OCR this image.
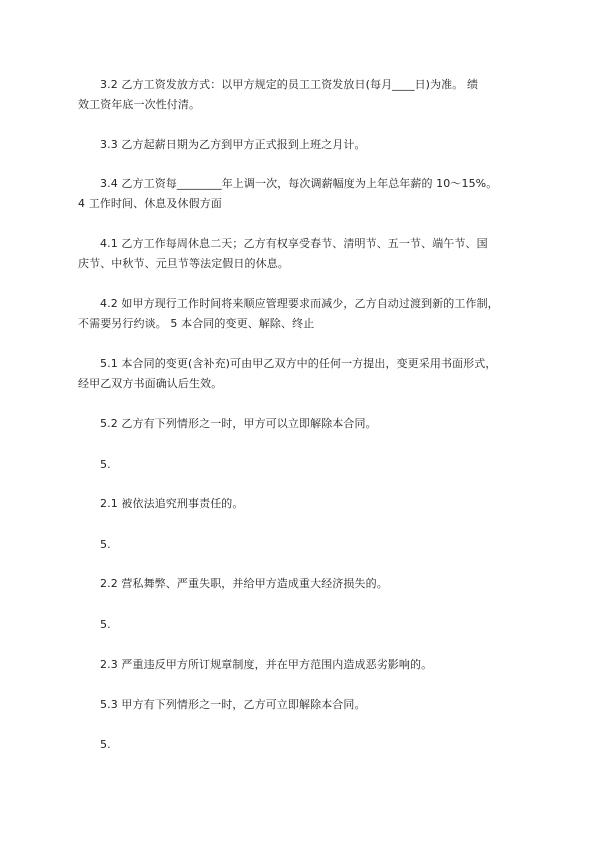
3.2 乙方工资发放方式：以甲方规定的员工工资发放日(每月____日)为准。 绩
效工资年底一次性付清。
3.3 乙方起薪日期为乙方到甲方正式报到上班之月计。
3.4 乙方工资每________年上调一次，每次调薪幅度为上年总年薪的 10～15%。
4 工作时间、休息及休假方面
4.1 乙方工作每周休息二天；乙方有权享受春节、清明节、五一节、端午节、国
庆节、中秋节、元旦节等法定假日的休息。
4.2 如甲方现行工作时间将来顺应管理要求而减少，乙方自动过渡到新的工作制，
不需要另行约谈。 5 本合同的变更、解除、终止
5.1 本合同的变更(含补充)可由甲乙双方中的任何一方提出，变更采用书面形式，
经甲乙双方书面确认后生效。
5.2 乙方有下列情形之一时，甲方可以立即解除本合同。
5.
2.1 被依法追究刑事责任的。
5.
2.2 营私舞弊、严重失职，并给甲方造成重大经济损失的。
5.
2.3 严重违反甲方所订规章制度，并在甲方范围内造成恶劣影响的。
5.3 甲方有下列情形之一时，乙方可立即解除本合同。
5.
